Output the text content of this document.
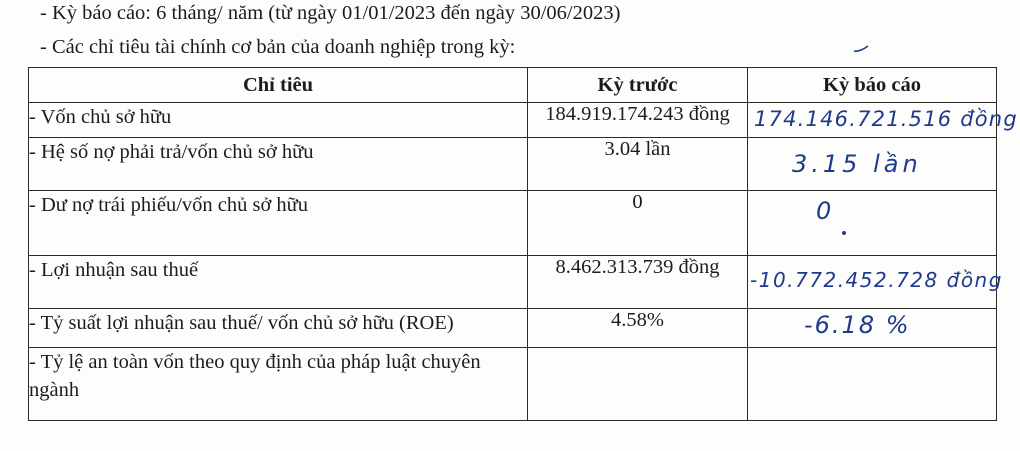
- Kỳ báo cáo: 6 tháng/ năm (từ ngày 01/01/2023 đến ngày 30/06/2023)
- Các chỉ tiêu tài chính cơ bản của doanh nghiệp trong kỳ:
Chỉ tiêu	Kỳ trước	Kỳ báo cáo
- Vốn chủ sở hữu	184.919.174.243 đồng	174.146.721.516 đồng

- Hệ số nợ phải trả/vốn chủ sở hữu	3.04 lần	3.15 lần

- Dư nợ trái phiếu/vốn chủ sở hữu	0	0

- Lợi nhuận sau thuế	8.462.313.739 đồng	-10.772.452.728 đồng

- Tỷ suất lợi nhuận sau thuế/ vốn chủ sở hữu (ROE)	4.58%	-6.18 %

- Tỷ lệ an toàn vốn theo quy định của pháp luật chuyên ngành		
